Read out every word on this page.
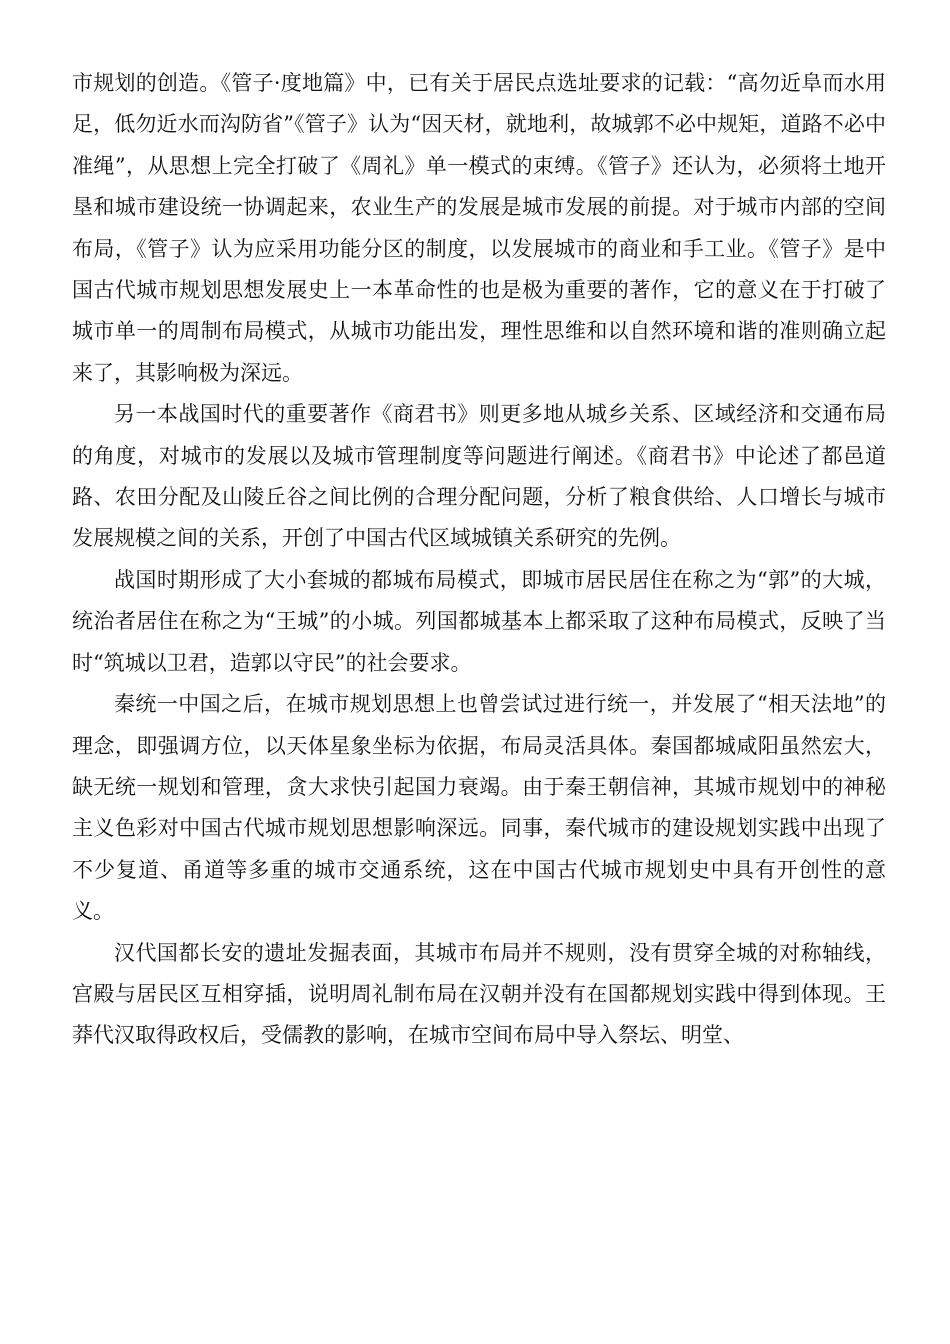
市规划的创造。《管子·度地篇》中，已有关于居民点选址要求的记载：“高勿近阜而水用足，低勿近水而沟防省”《管子》认为“因天材，就地利，故城郭不必中规矩，道路不必中准绳”，从思想上完全打破了《周礼》单一模式的束缚。《管子》还认为，必须将土地开垦和城市建设统一协调起来，农业生产的发展是城市发展的前提。对于城市内部的空间布局，《管子》认为应采用功能分区的制度，以发展城市的商业和手工业。《管子》是中国古代城市规划思想发展史上一本革命性的也是极为重要的著作，它的意义在于打破了城市单一的周制布局模式，从城市功能出发，理性思维和以自然环境和谐的准则确立起来了，其影响极为深远。

另一本战国时代的重要著作《商君书》则更多地从城乡关系、区域经济和交通布局的角度，对城市的发展以及城市管理制度等问题进行阐述。《商君书》中论述了都邑道路、农田分配及山陵丘谷之间比例的合理分配问题，分析了粮食供给、人口增长与城市发展规模之间的关系，开创了中国古代区域城镇关系研究的先例。

战国时期形成了大小套城的都城布局模式，即城市居民居住在称之为“郭”的大城，统治者居住在称之为“王城”的小城。列国都城基本上都采取了这种布局模式，反映了当时“筑城以卫君，造郭以守民”的社会要求。

秦统一中国之后，在城市规划思想上也曾尝试过进行统一，并发展了“相天法地”的理念，即强调方位，以天体星象坐标为依据，布局灵活具体。秦国都城咸阳虽然宏大，缺无统一规划和管理，贪大求快引起国力衰竭。由于秦王朝信神，其城市规划中的神秘主义色彩对中国古代城市规划思想影响深远。同事，秦代城市的建设规划实践中出现了不少复道、甬道等多重的城市交通系统，这在中国古代城市规划史中具有开创性的意义。

汉代国都长安的遗址发掘表面，其城市布局并不规则，没有贯穿全城的对称轴线，宫殿与居民区互相穿插，说明周礼制布局在汉朝并没有在国都规划实践中得到体现。王莽代汉取得政权后，受儒教的影响，在城市空间布局中导入祭坛、明堂、
